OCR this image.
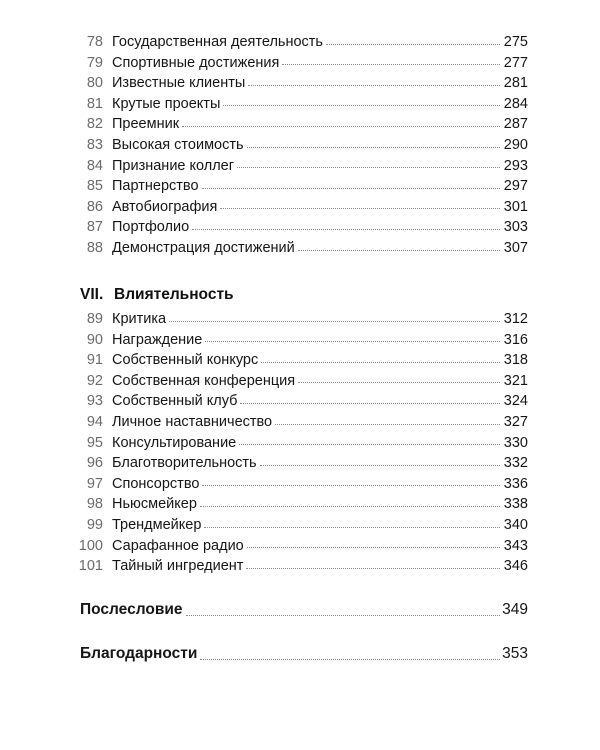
78 Государственная деятельность	275
79 Спортивные достижения	277
80 Известные клиенты	281
81 Крутые проекты	284
82 Преемник	287
83 Высокая стоимость	290
84 Признание коллег	293
85 Партнерство	297
86 Автобиография	301
87 Портфолио	303
88 Демонстрация достижений	307
VII. Влиятельность
89 Критика	312
90 Награждение	316
91 Собственный конкурс	318
92 Собственная конференция	321
93 Собственный клуб	324
94 Личное наставничество	327
95 Консультирование	330
96 Благотворительность	332
97 Спонсорство	336
98 Ньюсмейкер	338
99 Трендмейкер	340
100 Сарафанное радио	343
101 Тайный ингредиент	346
Послесловие	349
Благодарности	353
